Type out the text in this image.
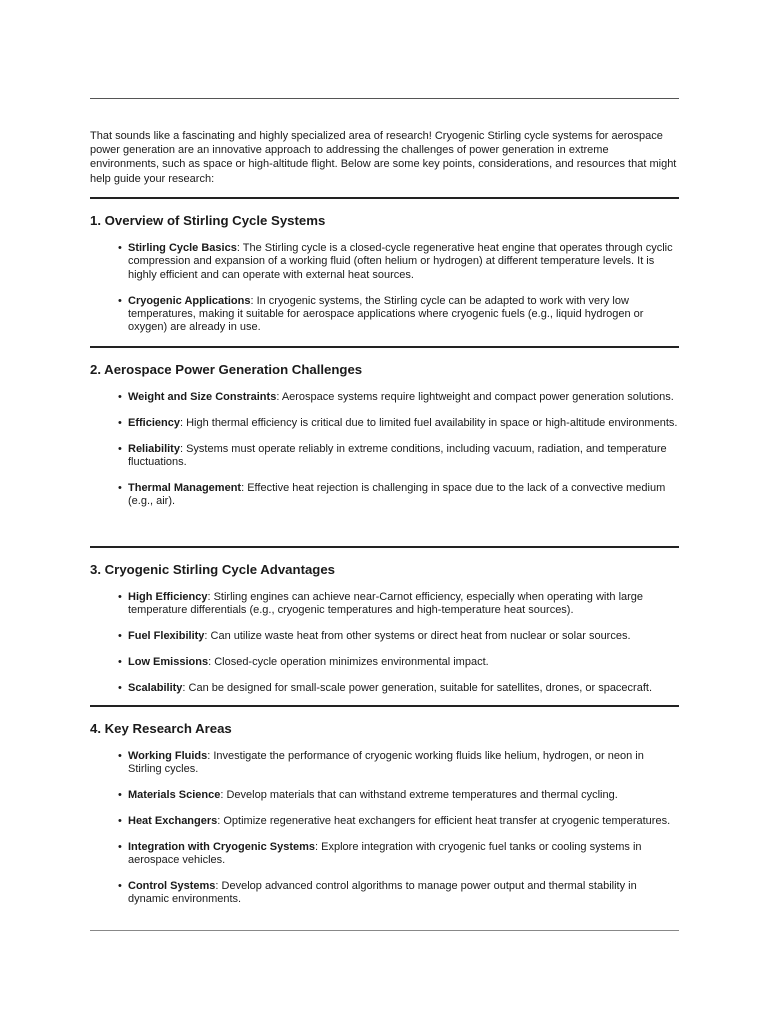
That sounds like a fascinating and highly specialized area of research! Cryogenic Stirling cycle systems for aerospace power generation are an innovative approach to addressing the challenges of power generation in extreme environments, such as space or high-altitude flight. Below are some key points, considerations, and resources that might help guide your research:

1. Overview of Stirling Cycle Systems
• Stirling Cycle Basics: The Stirling cycle is a closed-cycle regenerative heat engine that operates through cyclic compression and expansion of a working fluid (often helium or hydrogen) at different temperature levels. It is highly efficient and can operate with external heat sources.
• Cryogenic Applications: In cryogenic systems, the Stirling cycle can be adapted to work with very low temperatures, making it suitable for aerospace applications where cryogenic fuels (e.g., liquid hydrogen or oxygen) are already in use.
2. Aerospace Power Generation Challenges
• Weight and Size Constraints: Aerospace systems require lightweight and compact power generation solutions.
• Efficiency: High thermal efficiency is critical due to limited fuel availability in space or high-altitude environments.
• Reliability: Systems must operate reliably in extreme conditions, including vacuum, radiation, and temperature fluctuations.
• Thermal Management: Effective heat rejection is challenging in space due to the lack of a convective medium (e.g., air).
3. Cryogenic Stirling Cycle Advantages
• High Efficiency: Stirling engines can achieve near-Carnot efficiency, especially when operating with large temperature differentials (e.g., cryogenic temperatures and high-temperature heat sources).
• Fuel Flexibility: Can utilize waste heat from other systems or direct heat from nuclear or solar sources.
• Low Emissions: Closed-cycle operation minimizes environmental impact.
• Scalability: Can be designed for small-scale power generation, suitable for satellites, drones, or spacecraft.
4. Key Research Areas
• Working Fluids: Investigate the performance of cryogenic working fluids like helium, hydrogen, or neon in Stirling cycles.
• Materials Science: Develop materials that can withstand extreme temperatures and thermal cycling.
• Heat Exchangers: Optimize regenerative heat exchangers for efficient heat transfer at cryogenic temperatures.
• Integration with Cryogenic Systems: Explore integration with cryogenic fuel tanks or cooling systems in aerospace vehicles.
• Control Systems: Develop advanced control algorithms to manage power output and thermal stability in dynamic environments.
